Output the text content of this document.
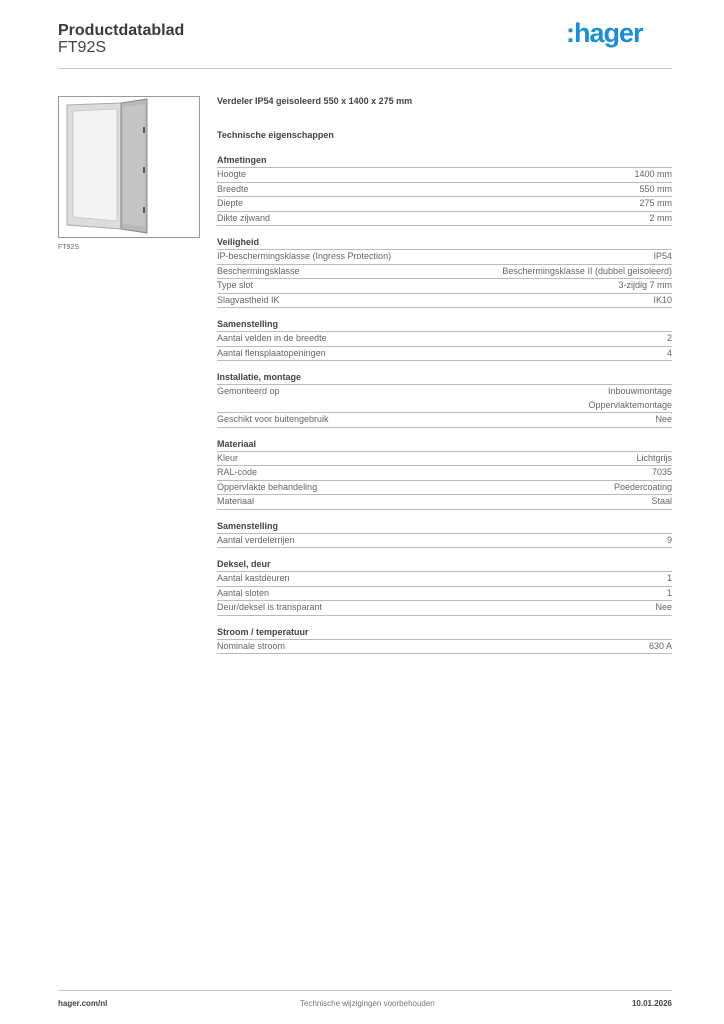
Productdatablad
FT92S	:hager
FT92S
Verdeler IP54 geisoleerd 550 x 1400 x 275 mm
Technische eigenschappen
Afmetingen
Hoogte	1400 mm
Breedte	550 mm
Diepte	275 mm
Dikte zijwand	2 mm
Veiligheid
IP-beschermingsklasse (Ingress Protection)	IP54
Beschermingsklasse	Beschermingsklasse II (dubbel geisoleerd)
Type slot	3-zijdig 7 mm
Slagvastheid IK	IK10
Samenstelling
Aantal velden in de breedte	2
Aantal flensplaatopeningen	4
Installatie, montage
Gemonteerd op	Inbouwmontage
Oppervlaktemontage
Geschikt voor buitengebruik	Nee
Materiaal
Kleur	Lichtgrijs
RAL-code	7035
Oppervlakte behandeling	Poedercoating
Materiaal	Staal
Samenstelling
Aantal verdelerrijen	9
Deksel, deur
Aantal kastdeuren	1
Aantal sloten	1
Deur/deksel is transparant	Nee
Stroom / temperatuur
Nominale stroom	630 A
hager.com/nl	Technische wijzigingen voorbehouden	10.01.2026
